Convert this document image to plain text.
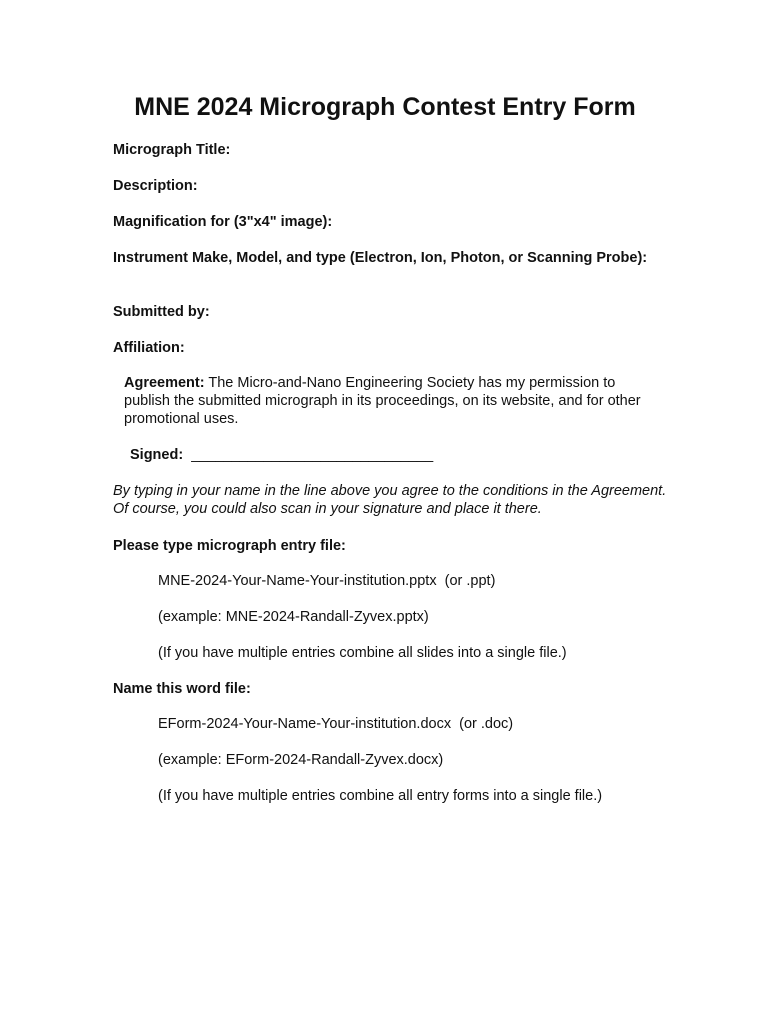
MNE 2024 Micrograph Contest Entry Form

Micrograph Title:

Description:

Magnification for (3"x4" image):

Instrument Make, Model, and type (Electron, Ion, Photon, or Scanning Probe):

Submitted by:

Affiliation:

Agreement: The Micro-and-Nano Engineering Society has my permission to publish the submitted micrograph in its proceedings, on its website, and for other promotional uses.

Signed:  ______________________________

By typing in your name in the line above you agree to the conditions in the Agreement. Of course, you could also scan in your signature and place it there.

Please type micrograph entry file:

MNE-2024-Your-Name-Your-institution.pptx  (or .ppt)

(example: MNE-2024-Randall-Zyvex.pptx)

(If you have multiple entries combine all slides into a single file.)

Name this word file:

EForm-2024-Your-Name-Your-institution.docx  (or .doc)

(example: EForm-2024-Randall-Zyvex.docx)

(If you have multiple entries combine all entry forms into a single file.)
